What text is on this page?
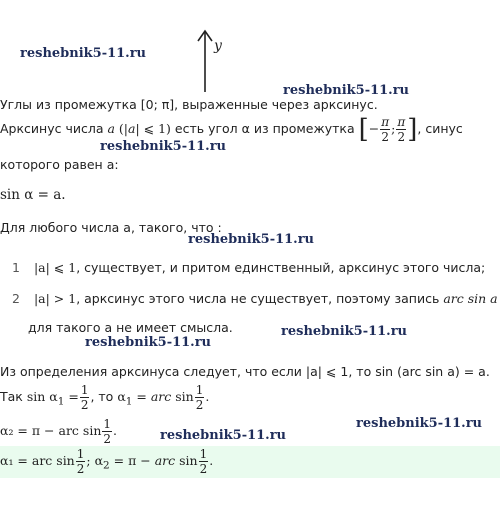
reshebnik5-11.ru
reshebnik5-11.ru
reshebnik5-11.ru
reshebnik5-11.ru
reshebnik5-11.ru
reshebnik5-11.ru
reshebnik5-11.ru
reshebnik5-11.ru
y
Углы из промежутка [0; π], выраженные через арксинус.
Арксинус числа a (|a| ⩽ 1) есть угол α из промежутка [− $\frac{\pi}{2}$ ; $\frac{\pi}{2}$ ], синус
которого равен a:
sin α = a.
Для любого числа a, такого, что :
1 |a| ⩽ 1, существует, и притом единственный, арксинус этого числа;
2 |a| > 1, арксинус этого числа не существует, поэтому запись arc sin a
для такого a не имеет смысла.
Из определения арксинуса следует, что если |a| ⩽ 1, то sin (arc sin a) = a.
Так $\sin \alpha_1 = \frac{1}{2}$ , то $\alpha_1$ = arc $\sin \frac{1}{2}$ .
α₂ = π − arc $\sin \frac{1}{2}$ .
α₁ = arc $\sin \frac{1}{2}$ ; $\alpha_2 = \pi$ − arc $\sin \frac{1}{2}$ .
